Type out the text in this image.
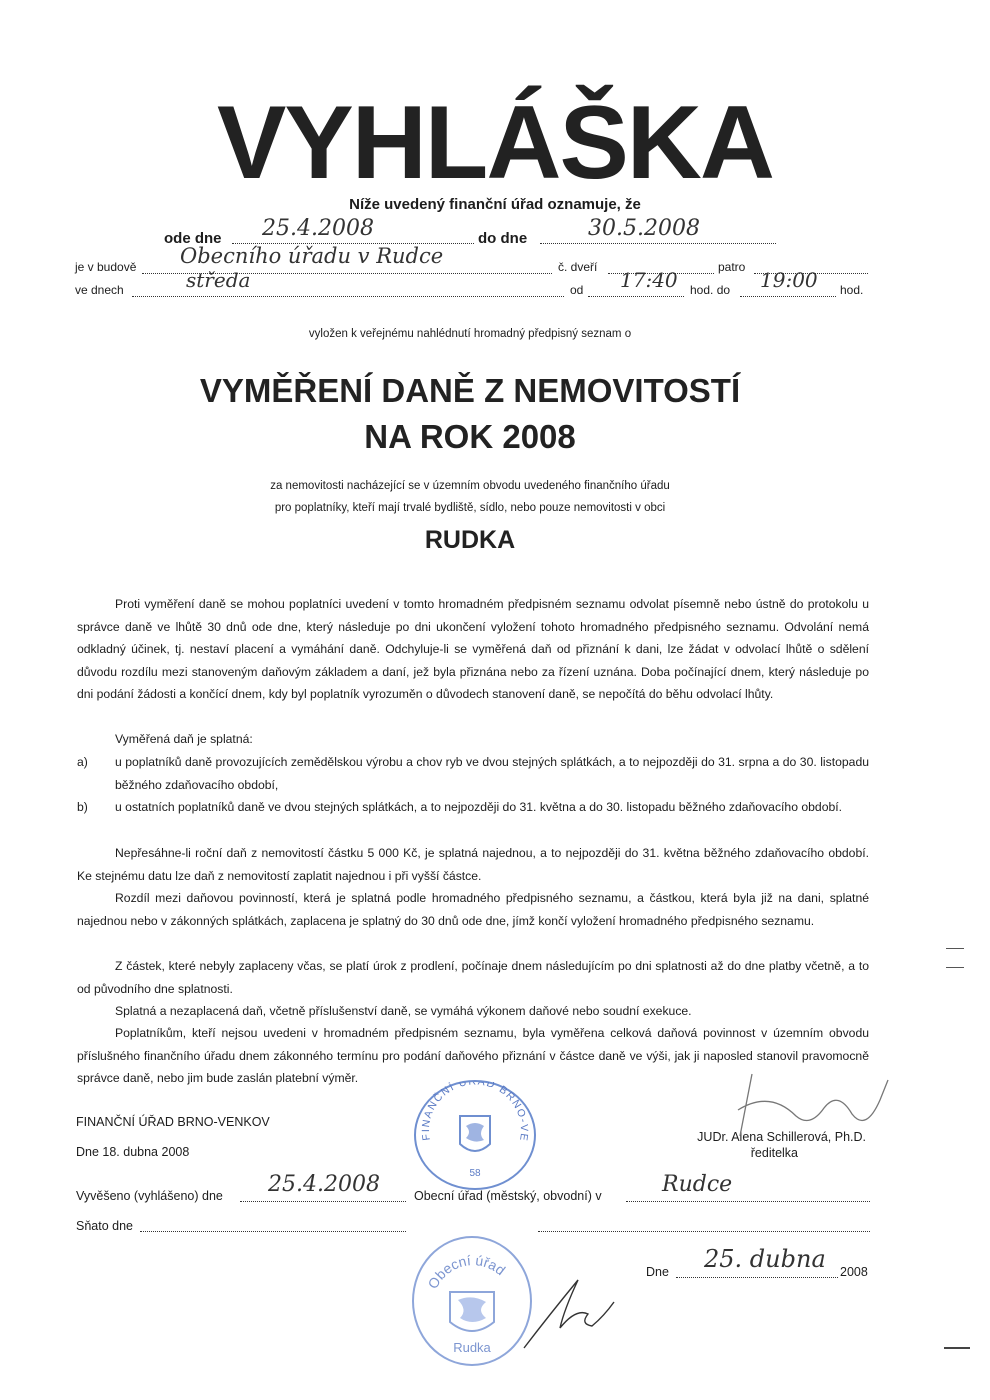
VYHLÁŠKA
Níže uvedený finanční úřad oznamuje, že
ode dne 25.4.2008	do dne	30.5.2008
je v budově Obecního úřadu v Rudce	č. dveří	patro
ve dnech	středa	od 17:40 hod. do 19:00 hod.
vyložen k veřejnému nahlédnutí hromadný předpisný seznam o
VYMĚŘENÍ DANĚ Z NEMOVITOSTÍ
NA ROK 2008
za nemovitosti nacházející se v územním obvodu uvedeného finančního úřadu
pro poplatníky, kteří mají trvalé bydliště, sídlo, nebo pouze nemovitosti v obci
RUDKA
Proti vyměření daně se mohou poplatníci uvedení v tomto hromadném předpisném seznamu odvolat písemně nebo ústně do protokolu u správce daně ve lhůtě 30 dnů ode dne, který následuje po dni ukončení vyložení tohoto hromadného předpisného seznamu. Odvolání nemá odkladný účinek, tj. nestaví placení a vymáhání daně. Odchyluje-li se vyměřená daň od přiznání k dani, lze žádat v odvolací lhůtě o sdělení důvodu rozdílu mezi stanoveným daňovým základem a daní, jež byla přiznána nebo za řízení uznána. Doba počínající dnem, který následuje po dni podání žádosti a končící dnem, kdy byl poplatník vyrozuměn o důvodech stanovení daně, se nepočítá do běhu odvolací lhůty.
Vyměřená daň je splatná:
a) u poplatníků daně provozujících zemědělskou výrobu a chov ryb ve dvou stejných splátkách, a to nejpozději do 31. srpna a do 30. listopadu běžného zdaňovacího období,
b) u ostatních poplatníků daně ve dvou stejných splátkách, a to nejpozději do 31. května a do 30. listopadu běžného zdaňovacího období.
Nepřesáhne-li roční daň z nemovitostí částku 5 000 Kč, je splatná najednou, a to nejpozději do 31. května běžného zdaňovacího období. Ke stejnému datu lze daň z nemovitostí zaplatit najednou i při vyšší částce.
Rozdíl mezi daňovou povinností, která je splatná podle hromadného předpisného seznamu, a částkou, která byla již na dani, splatné najednou nebo v zákonných splátkách, zaplacena je splatný do 30 dnů ode dne, jímž končí vyložení hromadného předpisného seznamu.
Z částek, které nebyly zaplaceny včas, se platí úrok z prodlení, počínaje dnem následujícím po dni splatnosti až do dne platby včetně, a to od původního dne splatnosti.
Splatná a nezaplacená daň, včetně příslušenství daně, se vymáhá výkonem daňové nebo soudní exekuce.
Poplatníkům, kteří nejsou uvedeni v hromadném předpisném seznamu, byla vyměřena celková daňová povinnost v územním obvodu příslušného finančního úřadu dnem zákonného termínu pro podání daňového přiznání v částce daně ve výši, jak ji naposled stanovil pravomocně správce daně, nebo jim bude zaslán platební výměr.
FINANČNÍ ÚŘAD BRNO-VENKOV
Dne 18. dubna 2008
JUDr. Alena Schillerová, Ph.D.
ředitelka
FINANČNÍ Ú D BRNO-VE
58
Vyvěšeno (vyhlášeno) dne 25.4.2008	Obecní úřad (městský, obvodní) v	Rudce
Sňato dne
Obecní úřad
Rudka
Dne 25. dubna 2008
